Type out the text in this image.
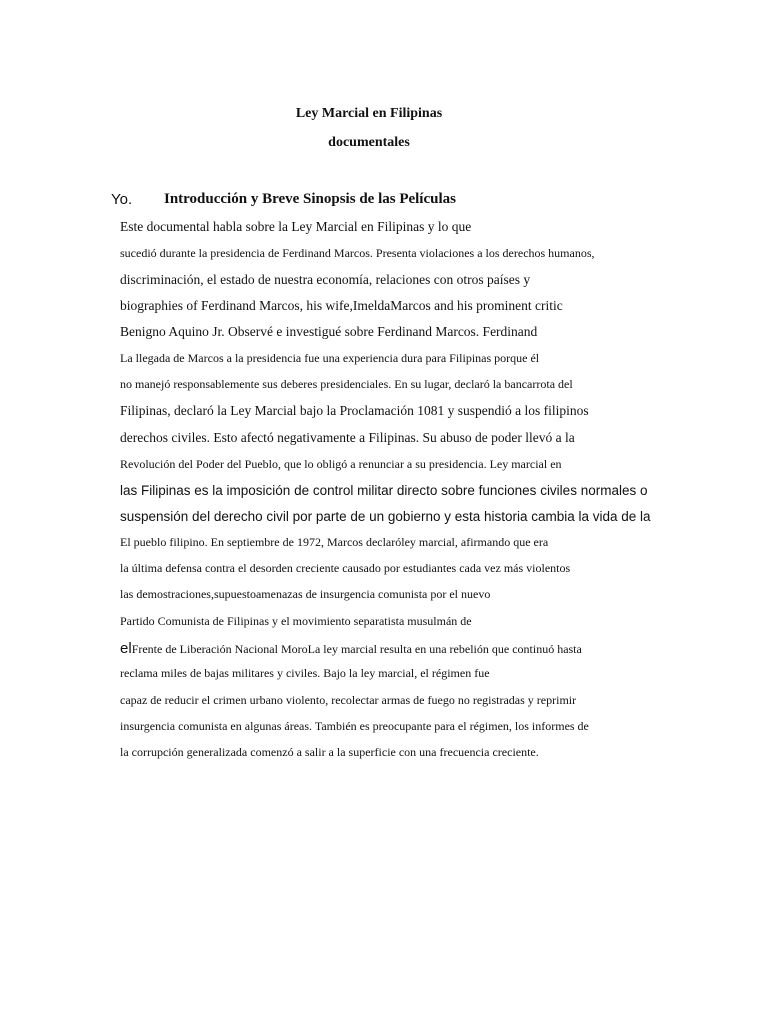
Ley Marcial en Filipinas
documentales
Yo. Introducción y Breve Sinopsis de las Películas
Este documental habla sobre la Ley Marcial en Filipinas y lo que
sucedió durante la presidencia de Ferdinand Marcos. Presenta violaciones a los derechos humanos,
discriminación, el estado de nuestra economía, relaciones con otros países y
biographies of Ferdinand Marcos, his wife,ImeldaMarcos and his prominent critic
Benigno Aquino Jr. Observé e investigué sobre Ferdinand Marcos. Ferdinand
La llegada de Marcos a la presidencia fue una experiencia dura para Filipinas porque él
no manejó responsablemente sus deberes presidenciales. En su lugar, declaró la bancarrota del
Filipinas, declaró la Ley Marcial bajo la Proclamación 1081 y suspendió a los filipinos
derechos civiles. Esto afectó negativamente a Filipinas. Su abuso de poder llevó a la
Revolución del Poder del Pueblo, que lo obligó a renunciar a su presidencia. Ley marcial en
las Filipinas es la imposición de control militar directo sobre funciones civiles normales o
suspensión del derecho civil por parte de un gobierno y esta historia cambia la vida de la
El pueblo filipino. En septiembre de 1972, Marcos declaróley marcial, afirmando que era
la última defensa contra el desorden creciente causado por estudiantes cada vez más violentos
las demostraciones,supuestoamenazas de insurgencia comunista por el nuevo
Partido Comunista de Filipinas y el movimiento separatista musulmán de
elFrente de Liberación Nacional MoroLa ley marcial resulta en una rebelión que continuó hasta
reclama miles de bajas militares y civiles. Bajo la ley marcial, el régimen fue
capaz de reducir el crimen urbano violento, recolectar armas de fuego no registradas y reprimir
insurgencia comunista en algunas áreas. También es preocupante para el régimen, los informes de
la corrupción generalizada comenzó a salir a la superficie con una frecuencia creciente.
